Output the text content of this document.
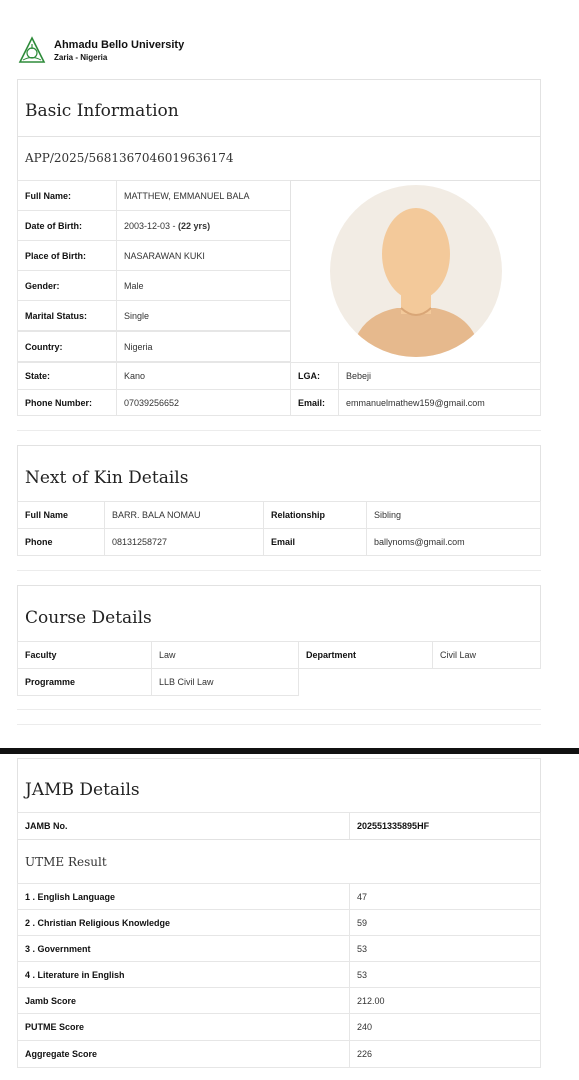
Ahmadu Bello University
Zaria - Nigeria
Basic Information
APP/2025/5681367046019636174
Full Name:	MATTHEW, EMMANUEL BALA
Date of Birth:	2003-12-03 - (22 yrs)
Place of Birth:	NASARAWAN KUKI
Gender:	Male
Marital Status:	Single
Country:	Nigeria
State:	Kano	LGA:	Bebeji
Phone Number:	07039256652	Email:	emmanuelmathew159@gmail.com
Next of Kin Details
Full Name	BARR. BALA NOMAU	Relationship	Sibling
Phone	08131258727	Email	ballynoms@gmail.com
Course Details
Faculty	Law	Department	Civil Law
Programme	LLB Civil Law
JAMB Details
JAMB No.	202551335895HF
UTME Result
1 . English Language	47
2 . Christian Religious Knowledge	59
3 . Government	53
4 . Literature in English	53
Jamb Score	212.00
PUTME Score	240
Aggregate Score	226
